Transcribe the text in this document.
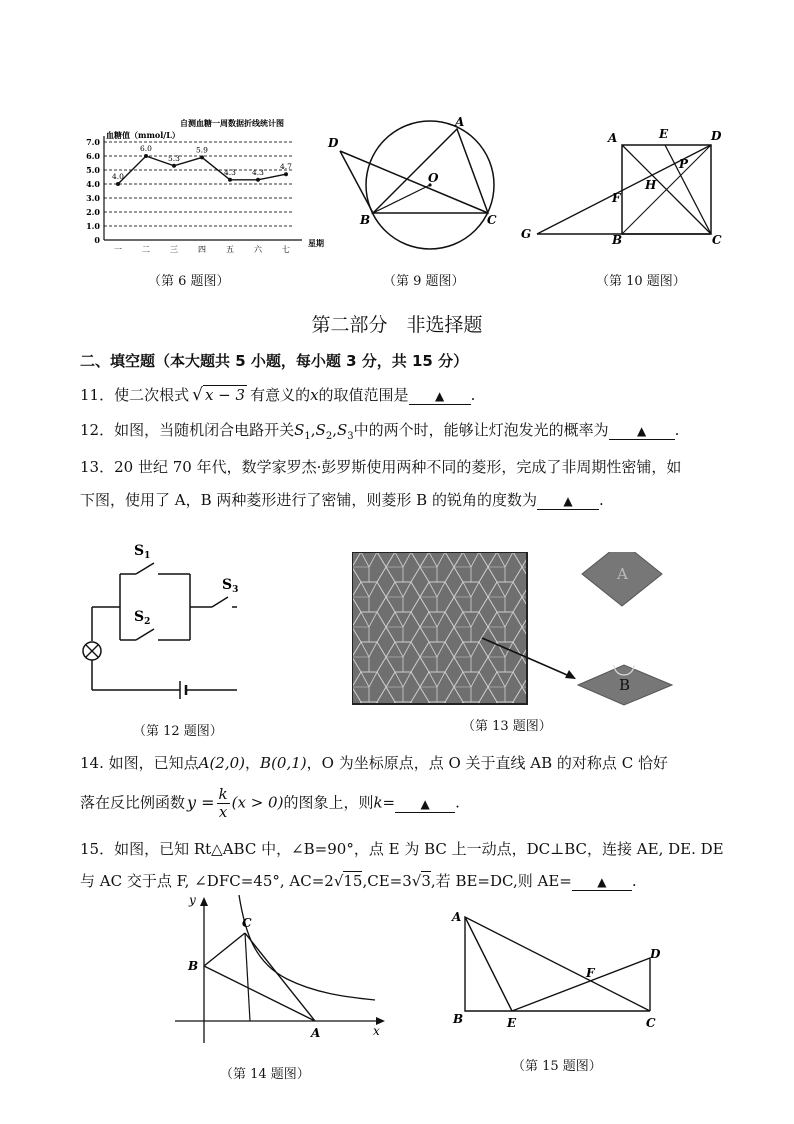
自测血糖一周数据折线统计图
血糖值（mmol/L）
星期
0
1.0
2.0
3.0
4.0
5.0
6.0
7.0
一	二	三	四	五	六	七
4.0
6.0
5.3
5.9
4.3 4.3
4.7
（第 6 题图）
D
A
O
B	C
（第 9 题图）
A	E	D
P
H
F
G	B	C
（第 10 题图）
第二部分　非选择题
二、填空题（本大题共 5 小题，每小题 3 分，共 15 分）
11．使二次根式 √ x − 3 有意义的x的取值范围是 ▲ .
12．如图，当随机闭合电路开关$S_1,S_2,S_3$中的两个时，能够让灯泡发光的概率为 ▲ .
13．20 世纪 70 年代，数学家罗杰·彭罗斯使用两种不同的菱形，完成了非周期性密铺，如
下图，使用了 A，B 两种菱形进行了密铺，则菱形 B 的锐角的度数为 ▲ .
$S_1$
$S_2$
$S_3$
（第 12 题图）
A
B
（第 13 题图）
14. 如图，已知点A(2,0)，B(0,1)，O 为坐标原点，点 O 关于直线 AB 的对称点 C 恰好
落在反比例函数 $y = \frac{k}{x} (x > 0)$的图象上，则k= ▲ .
15．如图，已知 Rt△ABC 中，∠B=90°，点 E 为 BC 上一动点，DC⊥BC，连接 AE, DE. DE
与 AC 交于点 F, ∠DFC=45°, AC=2√15,CE=3√3,若 BE=DC,则 AE= ▲ .
y
C
B
A	x
（第 14 题图）
A
D
F
B	E	C
（第 15 题图）
